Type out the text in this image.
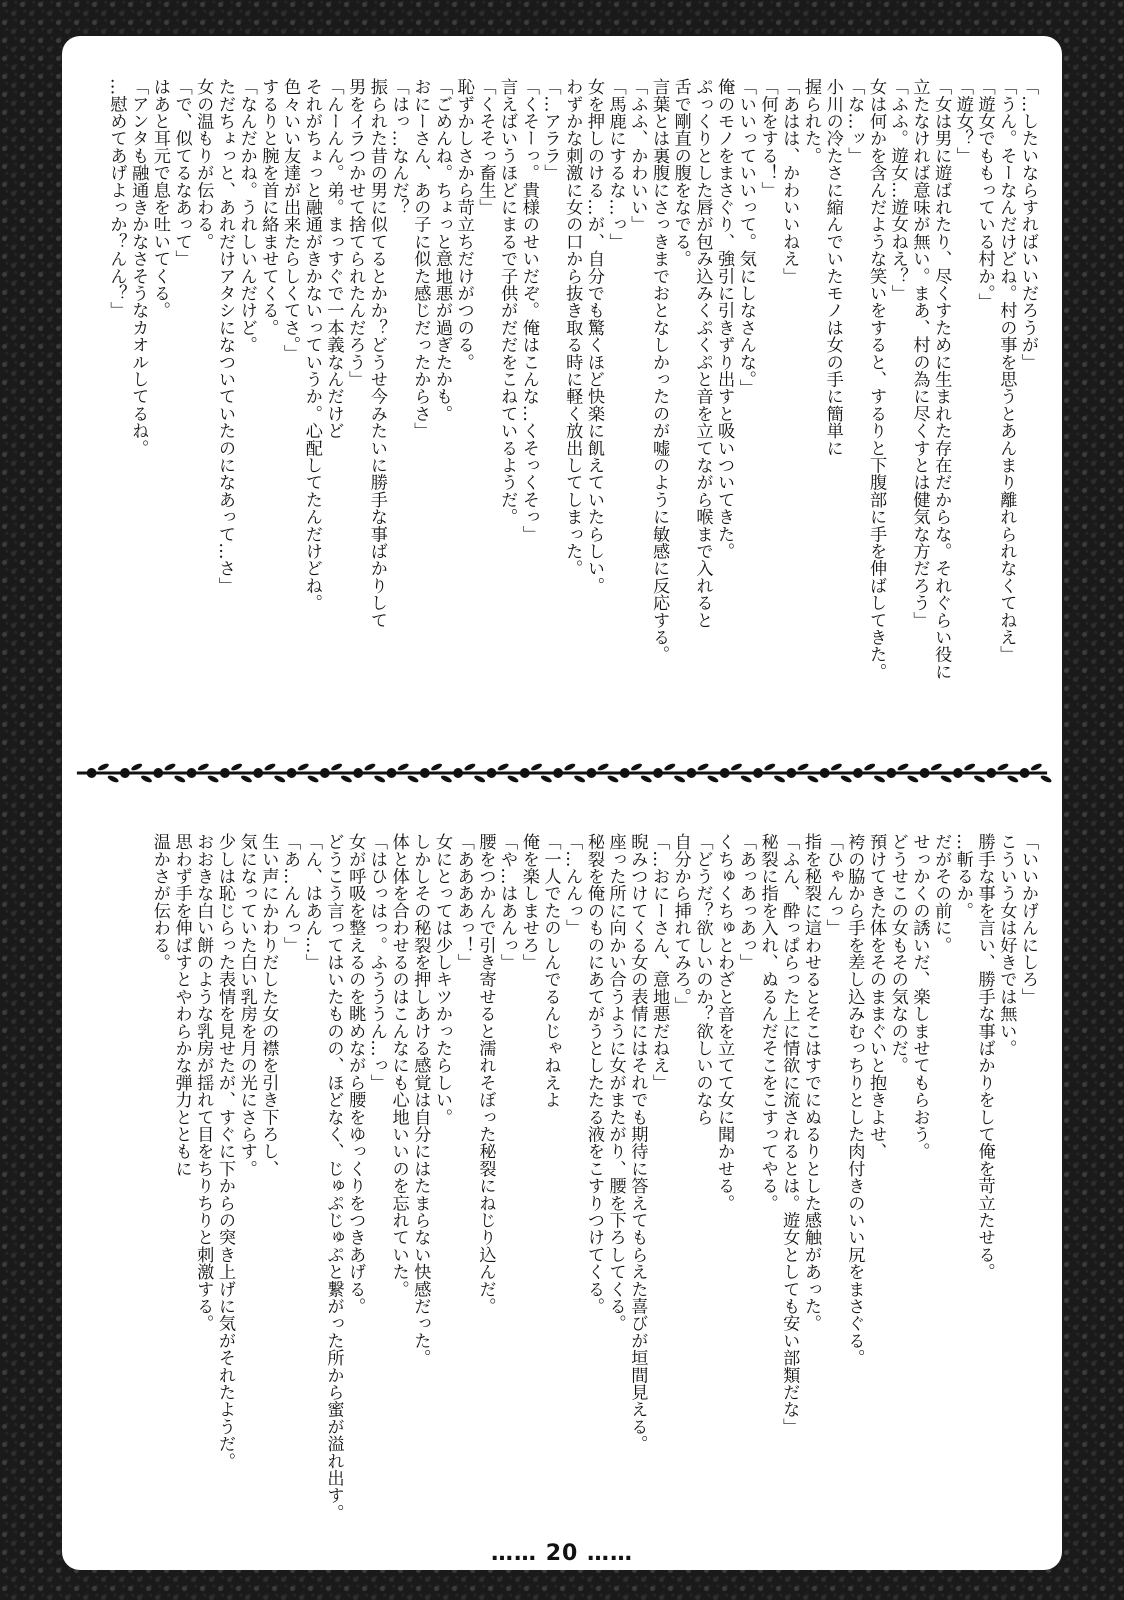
「…したいならすればいいだろうが」

「うん。そーなんだけどね。村の事を思うとあんまり離れられなくてねえ」

「遊女でももっている村か。」

「遊女？」

「女は男に遊ばれたり、尽くすために生まれた存在だからな。それぐらい役に

立たなければ意味が無い。まあ、村の為に尽くすとは健気な方だろう」

「ふふ。遊女…遊女ねえ？」

女は何かを含んだような笑いをすると、するりと下腹部に手を伸ばしてきた。

「な…ッ」

小川の冷たさに縮んでいたモノは女の手に簡単に

握られた。

「あはは、かわいいねえ」

「何をする！」

「いいっていいって。気にしなさんな。」

俺のモノをまさぐり、強引に引きずり出すと吸いついてきた。

ぷっくりとした唇が包み込みくぷくぷと音を立てながら喉まで入れると

舌で剛直の腹をなでる。

言葉とは裏腹にさっきまでおとなしかったのが嘘のように敏感に反応する。

「ふふ、かわいい」

「馬鹿にするな…っ」

女を押しのける…が、自分でも驚くほど快楽に飢えていたらしい。

わずかな刺激に女の口から抜き取る時に軽く放出してしまった。

「…アララ」

「くそーっ。貴様のせいだぞ。俺はこんな…くそっくそっ」

言えばいうほどにまるで子供がだだをこねているようだ。

「くそそっ畜生」

恥ずかしさから苛立ちだけがつのる。

「ごめんね。ちょっと意地悪が過ぎたかも。

おにーさん、あの子に似た感じだったからさ」

「はっ…なんだ？

振られた昔の男に似てるとかか？どうせ今みたいに勝手な事ばかりして

男をイラつかせて捨てられたんだろう」

「んーんん。弟。まっすぐで一本義なんだけど

それがちょっと融通がきかないっていうか。心配してたんだけどね。

色々いい友達が出来たらしくてさ。」

するりと腕を首に絡ませてくる。

「なんだかね。うれしいんだけど。

ただちょっと、あれだけアタシになついていたのになあって…さ」

女の温もりが伝わる。

「で、似てるなあって」

はあと耳元で息を吐いてくる。

「アンタも融通きかなさそうなカオルしてるね。

…慰めてあげよっか？んん？」

「いいかげんにしろ」

こういう女は好きでは無い。

勝手な事を言い、勝手な事ばかりをして俺を苛立たせる。

…斬るか。

だがその前に。

せっかくの誘いだ、楽しませてもらおう。

どうせこの女もその気なのだ。

預けてきた体をそのままぐいと抱きよせ、

袴の脇から手を差し込みむっちりとした肉付きのいい尻をまさぐる。

「ひゃんっ」

指を秘裂に這わせるとそこはすでにぬるりとした感触があった。

「ふん、酔っぱらった上に情欲に流されるとは。遊女としても安い部類だな」

秘裂に指を入れ、ぬるんだそこをこすってやる。

「あっあっあっ」

くちゅくちゅとわざと音を立てて女に聞かせる。

「どうだ？欲しいのか？欲しいのなら

自分から挿れてみろ。」

「…おにーさん、意地悪だねえ」

睨みつけてくる女の表情にはそれでも期待に答えてもらえた喜びが垣間見える。

座った所に向かい合うように女がまたがり、腰を下ろしてくる。

秘裂を俺のものにあてがうとしたたる液をこすりつけてくる。

「…んんっ」

「一人でたのしんでるんじゃねえよ

俺を楽しませろ」

「や…はあんっ」

腰をつかんで引き寄せると濡れそぼった秘裂にねじり込んだ。

「ああああっ！」

女にとっては少しキツかったらしい。

しかしその秘裂を押しあける感覚は自分にはたまらない快感だった。

体と体を合わせるのはこんなにも心地いいのを忘れていた。

「はひっはっ。ふうううん…っ」

女が呼吸を整えるのを眺めながら腰をゆっくりをつきあげる。

どうこう言ってはいたものの、ほどなく、じゅぷじゅぷと繋がった所から蜜が溢れ出す。

「ん、はあん…」

「あ…んんっ」

生い声にかわりだした女の襟を引き下ろし、

気になっていた白い乳房を月の光にさらす。

少しは恥じらった表情を見せたが、すぐに下からの突き上げに気がそれたようだ。

おおきな白い餅のような乳房が揺れて目をちりちりと刺激する。

思わず手を伸ばすとやわらかな弾力とともに

温かさが伝わる。

…… 20 ……
